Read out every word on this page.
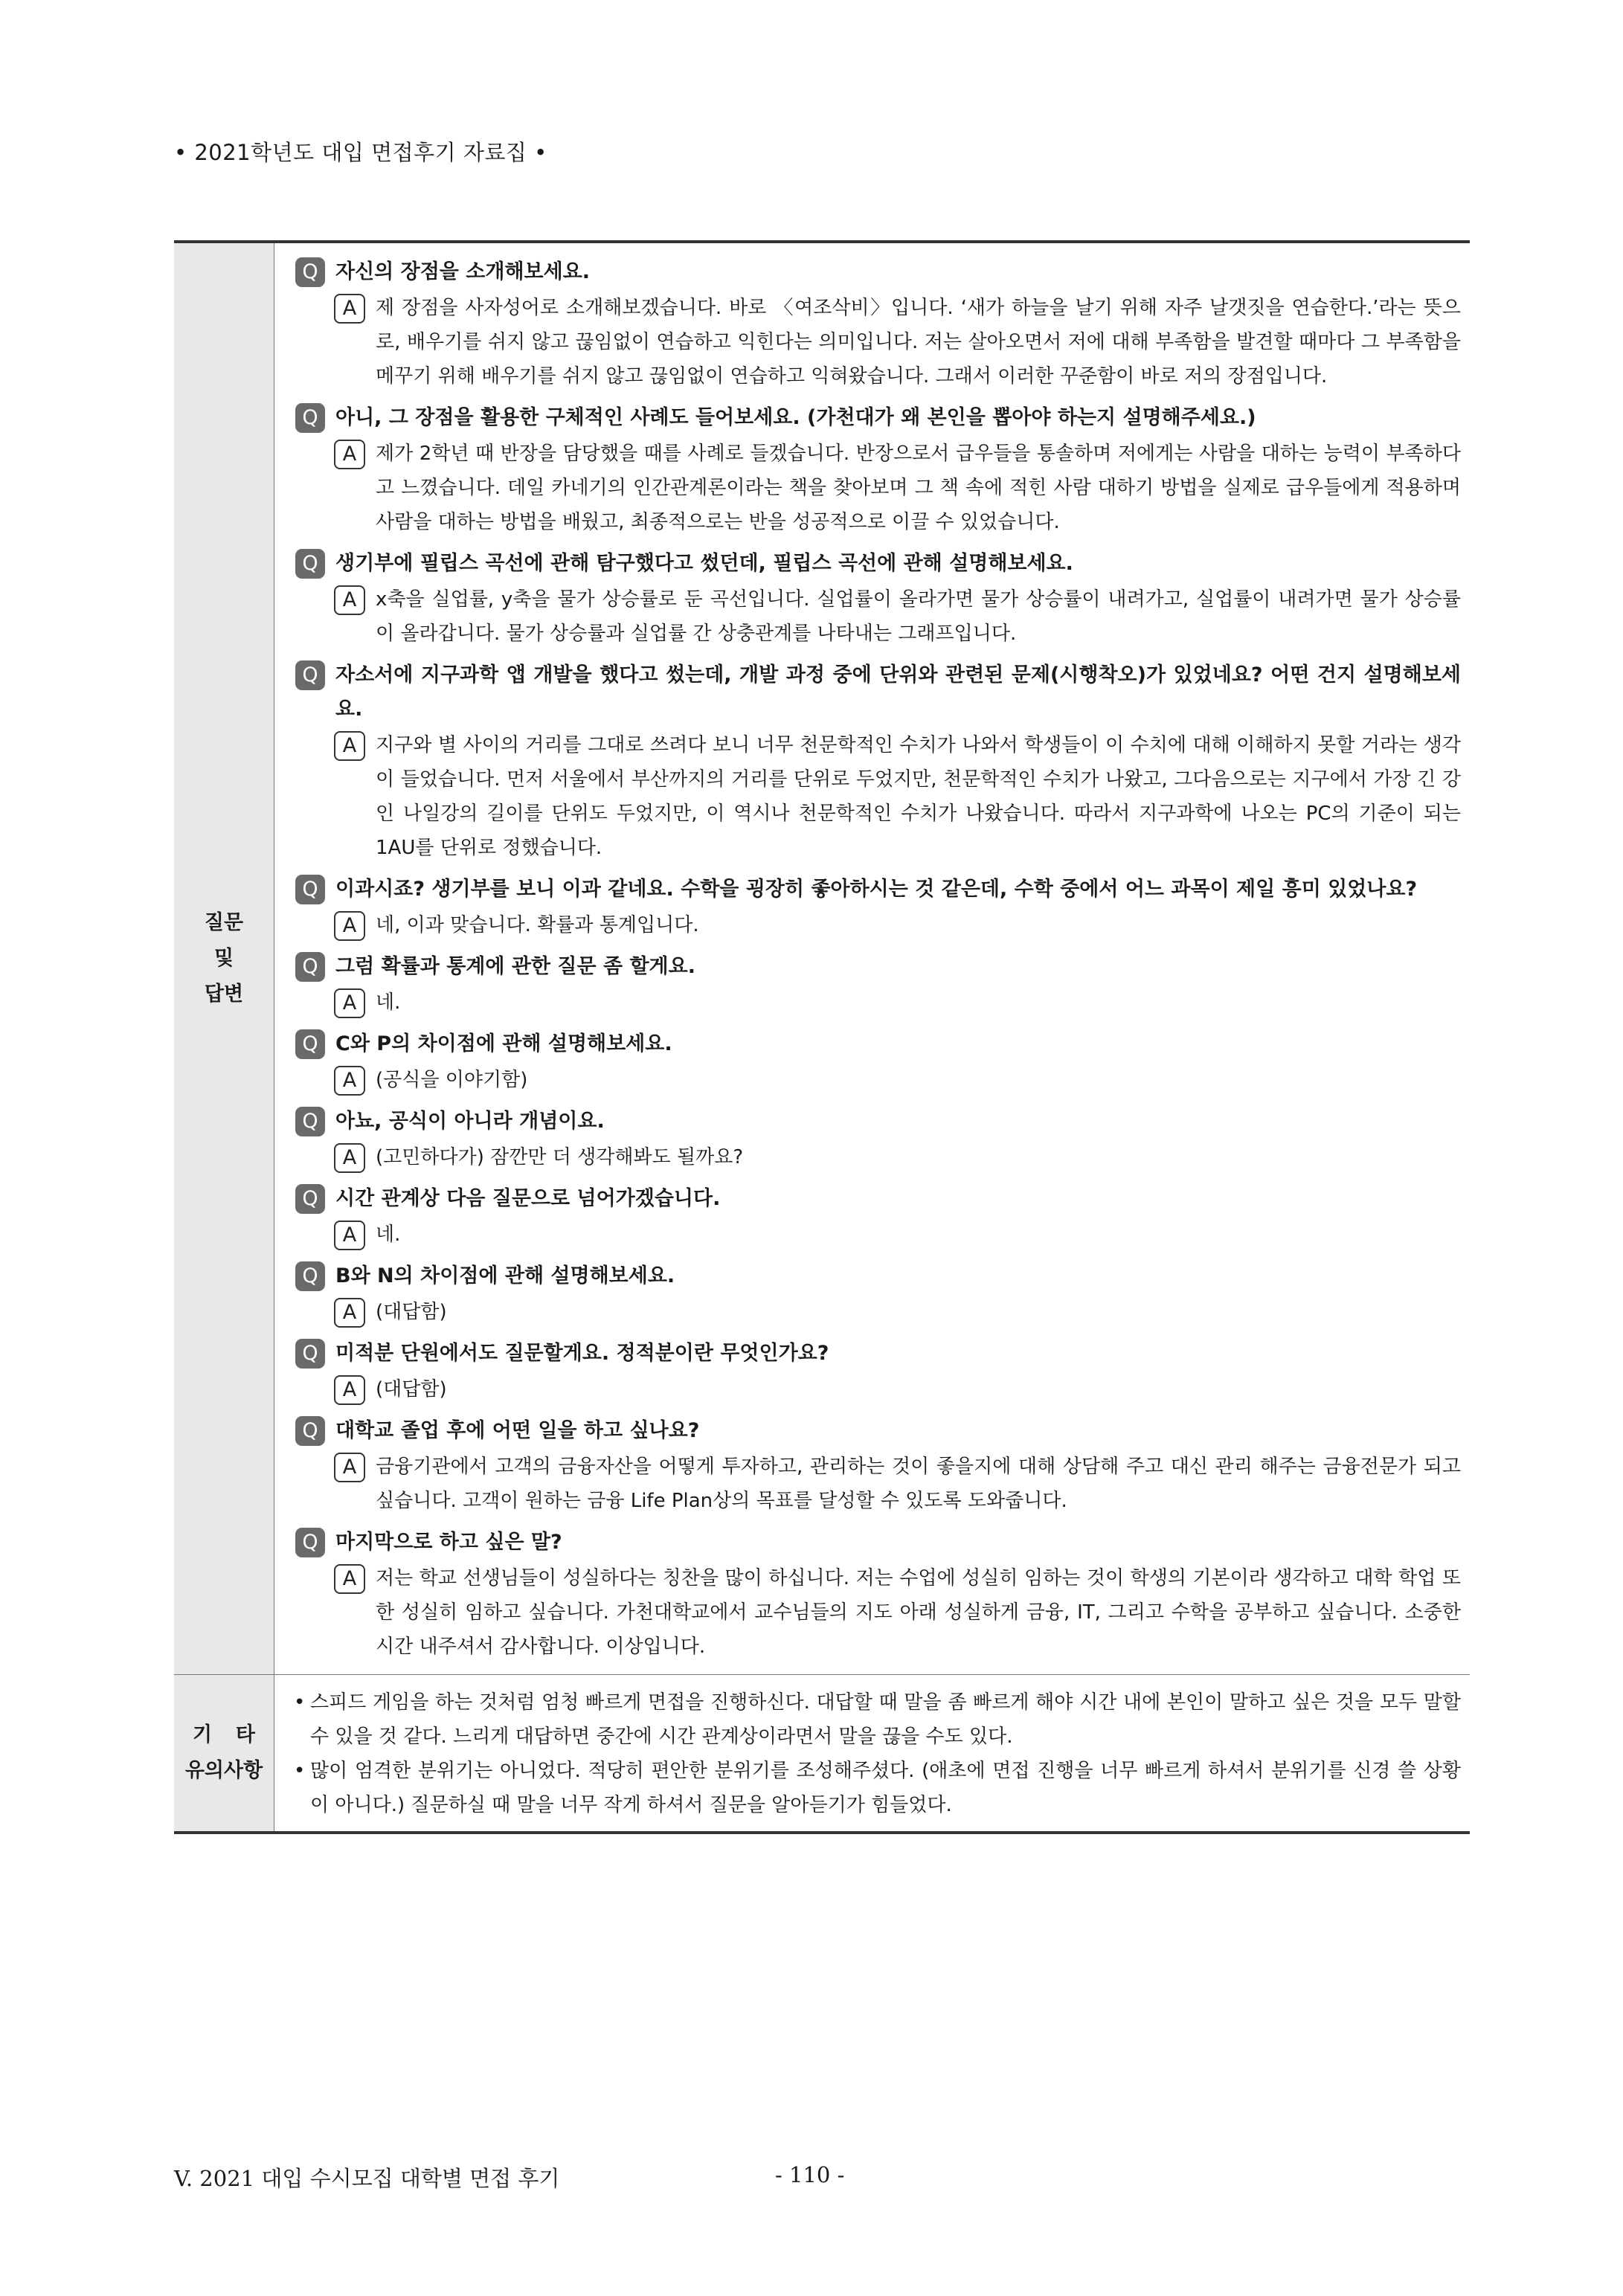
• 2021학년도 대입 면접후기 자료집 •
질문
및
답변
Q 자신의 장점을 소개해보세요.
A 제 장점을 사자성어로 소개해보겠습니다. 바로 〈여조삭비〉입니다. ‘새가 하늘을 날기 위해 자주 날갯짓을 연습한다.’라는 뜻으로, 배우기를 쉬지 않고 끊임없이 연습하고 익힌다는 의미입니다. 저는 살아오면서 저에 대해 부족함을 발견할 때마다 그 부족함을 메꾸기 위해 배우기를 쉬지 않고 끊임없이 연습하고 익혀왔습니다. 그래서 이러한 꾸준함이 바로 저의 장점입니다.
Q 아니, 그 장점을 활용한 구체적인 사례도 들어보세요. (가천대가 왜 본인을 뽑아야 하는지 설명해주세요.)
A 제가 2학년 때 반장을 담당했을 때를 사례로 들겠습니다. 반장으로서 급우들을 통솔하며 저에게는 사람을 대하는 능력이 부족하다고 느꼈습니다. 데일 카네기의 인간관계론이라는 책을 찾아보며 그 책 속에 적힌 사람 대하기 방법을 실제로 급우들에게 적용하며 사람을 대하는 방법을 배웠고, 최종적으로는 반을 성공적으로 이끌 수 있었습니다.
Q 생기부에 필립스 곡선에 관해 탐구했다고 썼던데, 필립스 곡선에 관해 설명해보세요.
A x축을 실업률, y축을 물가 상승률로 둔 곡선입니다. 실업률이 올라가면 물가 상승률이 내려가고, 실업률이 내려가면 물가 상승률이 올라갑니다. 물가 상승률과 실업률 간 상충관계를 나타내는 그래프입니다.
Q 자소서에 지구과학 앱 개발을 했다고 썼는데, 개발 과정 중에 단위와 관련된 문제(시행착오)가 있었네요? 어떤 건지 설명해보세요.
A 지구와 별 사이의 거리를 그대로 쓰려다 보니 너무 천문학적인 수치가 나와서 학생들이 이 수치에 대해 이해하지 못할 거라는 생각이 들었습니다. 먼저 서울에서 부산까지의 거리를 단위로 두었지만, 천문학적인 수치가 나왔고, 그다음으로는 지구에서 가장 긴 강인 나일강의 길이를 단위도 두었지만, 이 역시나 천문학적인 수치가 나왔습니다. 따라서 지구과학에 나오는 PC의 기준이 되는 1AU를 단위로 정했습니다.
Q 이과시죠? 생기부를 보니 이과 같네요. 수학을 굉장히 좋아하시는 것 같은데, 수학 중에서 어느 과목이 제일 흥미 있었나요?
A 네, 이과 맞습니다. 확률과 통계입니다.
Q 그럼 확률과 통계에 관한 질문 좀 할게요.
A 네.
Q C와 P의 차이점에 관해 설명해보세요.
A (공식을 이야기함)
Q 아뇨, 공식이 아니라 개념이요.
A (고민하다가) 잠깐만 더 생각해봐도 될까요?
Q 시간 관계상 다음 질문으로 넘어가겠습니다.
A 네.
Q B와 N의 차이점에 관해 설명해보세요.
A (대답함)
Q 미적분 단원에서도 질문할게요. 정적분이란 무엇인가요?
A (대답함)
Q 대학교 졸업 후에 어떤 일을 하고 싶나요?
A 금융기관에서 고객의 금융자산을 어떻게 투자하고, 관리하는 것이 좋을지에 대해 상담해 주고 대신 관리 해주는 금융전문가 되고 싶습니다. 고객이 원하는 금융 Life Plan상의 목표를 달성할 수 있도록 도와줍니다.
Q 마지막으로 하고 싶은 말?
A 저는 학교 선생님들이 성실하다는 칭찬을 많이 하십니다. 저는 수업에 성실히 임하는 것이 학생의 기본이라 생각하고 대학 학업 또한 성실히 임하고 싶습니다. 가천대학교에서 교수님들의 지도 아래 성실하게 금융, IT, 그리고 수학을 공부하고 싶습니다. 소중한 시간 내주셔서 감사합니다. 이상입니다.
기 타
유의사항
• 스피드 게임을 하는 것처럼 엄청 빠르게 면접을 진행하신다. 대답할 때 말을 좀 빠르게 해야 시간 내에 본인이 말하고 싶은 것을 모두 말할 수 있을 것 같다. 느리게 대답하면 중간에 시간 관계상이라면서 말을 끊을 수도 있다.
• 많이 엄격한 분위기는 아니었다. 적당히 편안한 분위기를 조성해주셨다. (애초에 면접 진행을 너무 빠르게 하셔서 분위기를 신경 쓸 상황이 아니다.) 질문하실 때 말을 너무 작게 하셔서 질문을 알아듣기가 힘들었다.
V. 2021 대입 수시모집 대학별 면접 후기	- 110 -
